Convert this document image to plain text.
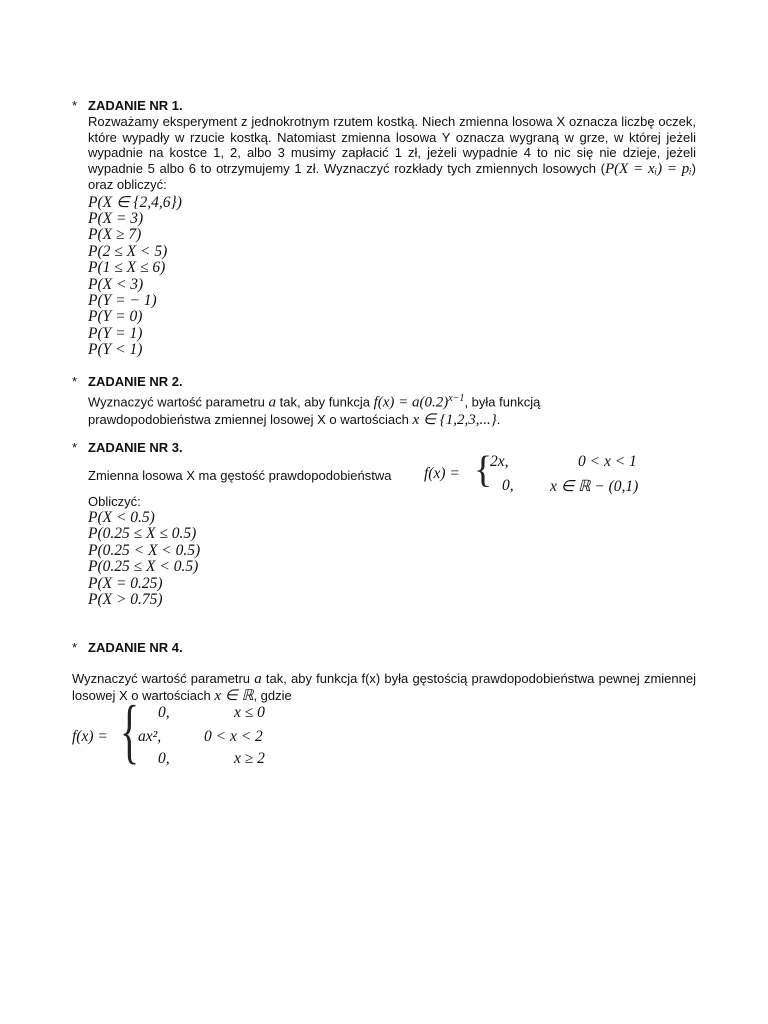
* ZADANIE NR 1.
Rozważamy eksperyment z jednokrotnym rzutem kostką. Niech zmienna losowa X oznacza liczbę oczek, które wypadły w rzucie kostką. Natomiast zmienna losowa Y oznacza wygraną w grze, w której jeżeli wypadnie na kostce 1, 2, albo 3 musimy zapłacić 1 zł, jeżeli wypadnie 4 to nic się nie dzieje, jeżeli wypadnie 5 albo 6 to otrzymujemy 1 zł. Wyznaczyć rozkłady tych zmiennych losowych (P(X = xᵢ) = pᵢ) oraz obliczyć:
P(X ∈ {2,4,6})
P(X = 3)
P(X ≥ 7)
P(2 ≤ X < 5)
P(1 ≤ X ≤ 6)
P(X < 3)
P(Y = − 1)
P(Y = 0)
P(Y = 1)
P(Y < 1)
* ZADANIE NR 2.
Wyznaczyć wartość parametru a tak, aby funkcja $f(x) = a(0.2)^{x-1}$, była funkcją
prawdopodobieństwa zmiennej losowej X o wartościach x ∈ {1,2,3,...}.
* ZADANIE NR 3.
Zmienna losowa X ma gęstość prawdopodobieństwa f(x) = {
2x,	0 < x < 1
0, x ∈ ℝ − (0,1)
Obliczyć:
P(X < 0.5)
P(0.25 ≤ X ≤ 0.5)
P(0.25 < X < 0.5)
P(0.25 ≤ X < 0.5)
P(X = 0.25)
P(X > 0.75)
* ZADANIE NR 4.
Wyznaczyć wartość parametru a tak, aby funkcja f(x) była gęstością prawdopodobieństwa pewnej zmiennej losowej X o wartościach x ∈ ℝ, gdzie
f(x) = { 0,	x ≤ 0
ax²,	0 < x < 2
0,	x ≥ 2
